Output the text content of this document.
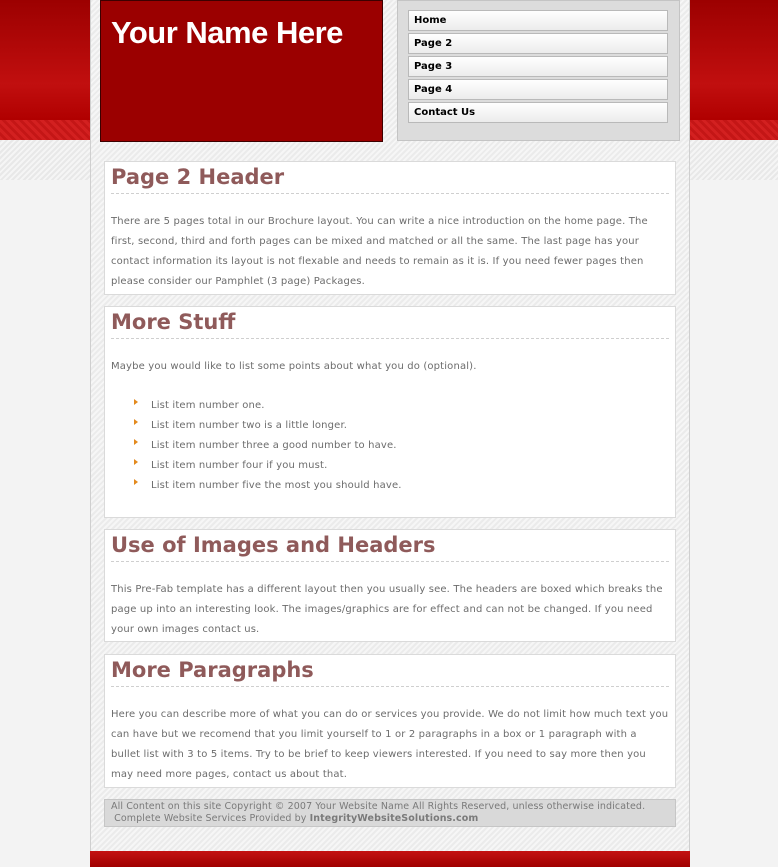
Your Name Here	Home
Page 2
Page 3
Page 4
Contact Us
Page 2 Header

There are 5 pages total in our Brochure layout. You can write a nice introduction on the home page. The first, second, third and forth pages can be mixed and matched or all the same. The last page has your contact information its layout is not flexable and needs to remain as it is. If you need fewer pages then please consider our Pamphlet (3 page) Packages.

More Stuff

Maybe you would like to list some points about what you do (optional).

List item number one.
List item number two is a little longer.
List item number three a good number to have.
List item number four if you must.
List item number five the most you should have.
Use of Images and Headers

This Pre-Fab template has a different layout then you usually see. The headers are boxed which breaks the page up into an interesting look. The images/graphics are for effect and can not be changed. If you need your own images contact us.

More Paragraphs

Here you can describe more of what you can do or services you provide. We do not limit how much text you can have but we recomend that you limit yourself to 1 or 2 paragraphs in a box or 1 paragraph with a bullet list with 3 to 5 items. Try to be brief to keep viewers interested. If you need to say more then you may need more pages, contact us about that.

All Content on this site Copyright © 2007 Your Website Name All Rights Reserved, unless otherwise indicated.
Complete Website Services Provided by IntegrityWebsiteSolutions.com
